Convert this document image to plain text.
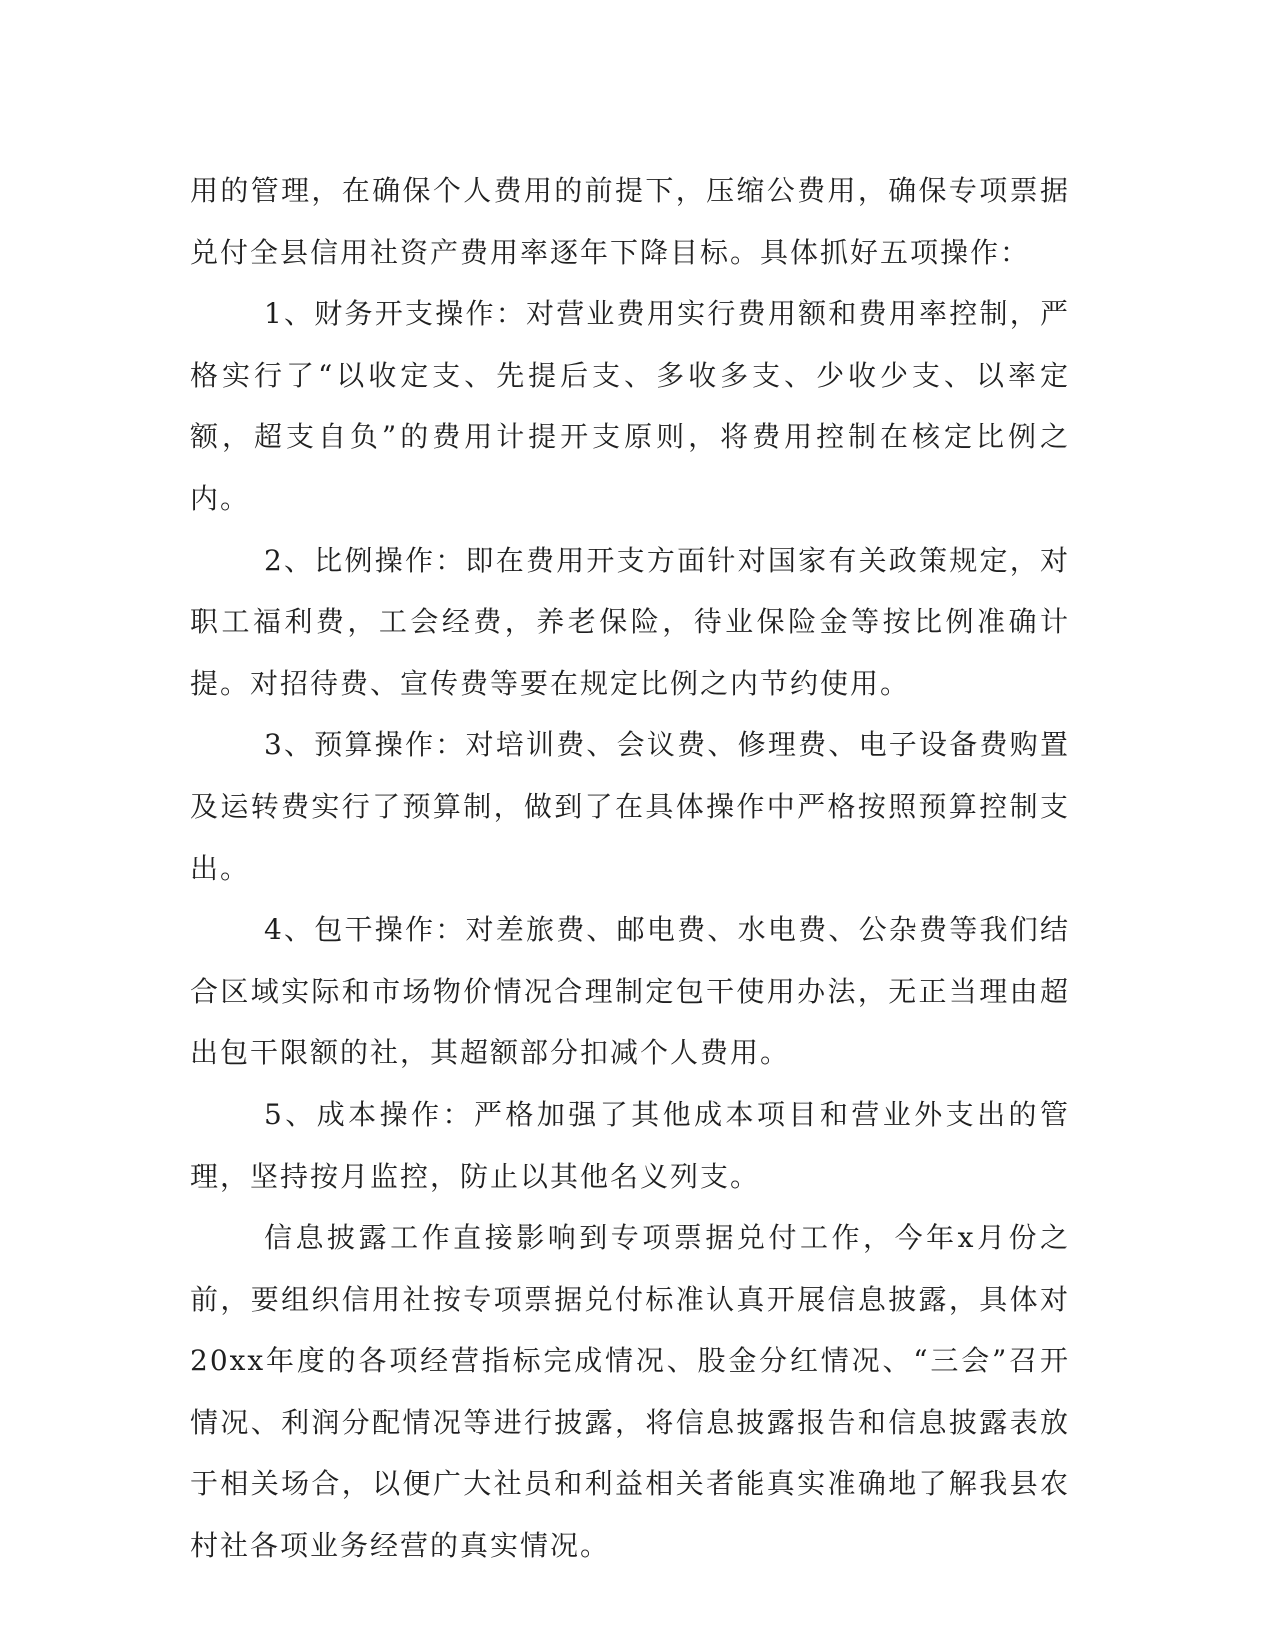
用的管理，在确保个人费用的前提下，压缩公费用，确保专项票据兑付全县信用社资产费用率逐年下降目标。具体抓好五项操作：

1、财务开支操作：对营业费用实行费用额和费用率控制，严格实行了“以收定支、先提后支、多收多支、少收少支、以率定额，超支自负”的费用计提开支原则，将费用控制在核定比例之内。

2、比例操作：即在费用开支方面针对国家有关政策规定，对职工福利费，工会经费，养老保险，待业保险金等按比例准确计提。对招待费、宣传费等要在规定比例之内节约使用。

3、预算操作：对培训费、会议费、修理费、电子设备费购置及运转费实行了预算制，做到了在具体操作中严格按照预算控制支出。

4、包干操作：对差旅费、邮电费、水电费、公杂费等我们结合区域实际和市场物价情况合理制定包干使用办法，无正当理由超出包干限额的社，其超额部分扣减个人费用。

5、成本操作：严格加强了其他成本项目和营业外支出的管理，坚持按月监控，防止以其他名义列支。

信息披露工作直接影响到专项票据兑付工作，今年x月份之前，要组织信用社按专项票据兑付标准认真开展信息披露，具体对20xx年度的各项经营指标完成情况、股金分红情况、“三会”召开情况、利润分配情况等进行披露，将信息披露报告和信息披露表放于相关场合，以便广大社员和利益相关者能真实准确地了解我县农村社各项业务经营的真实情况。
